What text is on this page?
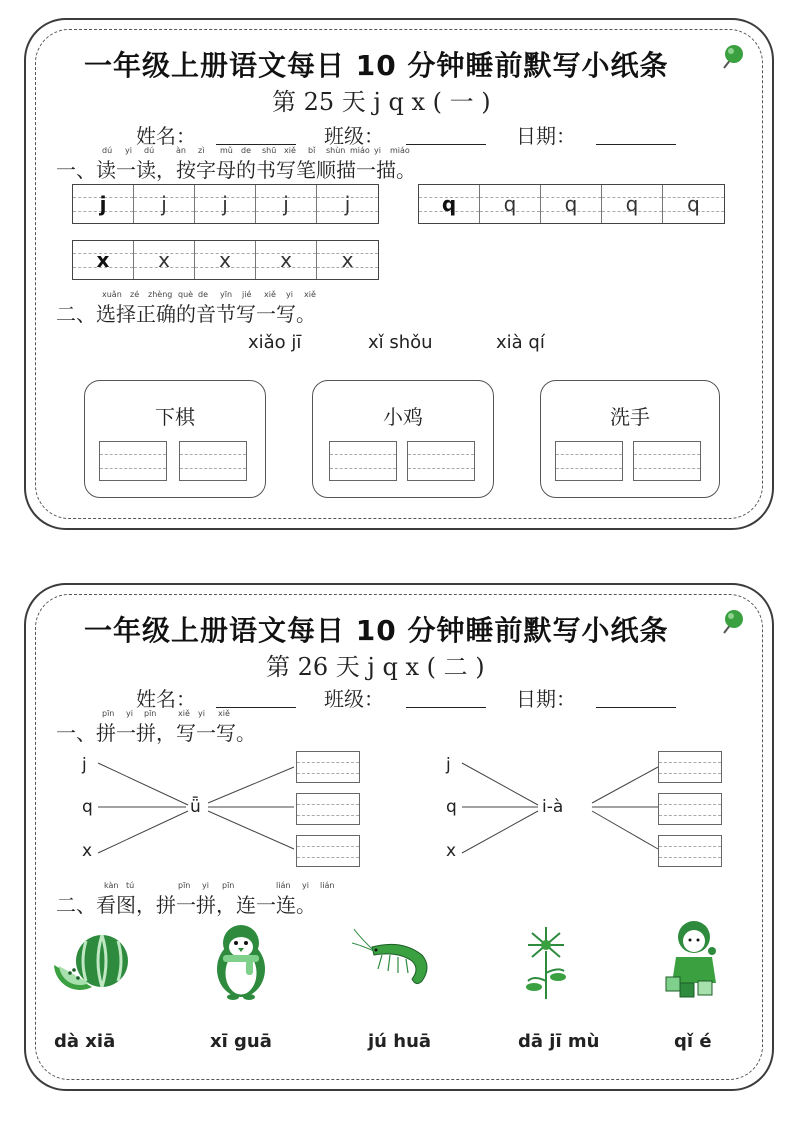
一年级上册语文每日 10 分钟睡前默写小纸条
第 25 天 j q x ( 一 )
姓名：	班级：	日期：
dú yi dú	àn zì mǔ de shū xiě bǐ shùn miáo yi miáo
一、读一读，按字母的书写笔顺描一描。
j	j	j	j	j	q q q q q
x x x x x
xuǎn zé zhèng què de yīn jié xiě yi xiě
二、选择正确的音节写一写。
xiǎo jī	xǐ shǒu	xià qí
下棋	小鸡	洗手
一年级上册语文每日 10 分钟睡前默写小纸条
第 26 天 j q x ( 二 )
姓名：	班级：	日期：
pīn yi pīn	xiě yi xiě
一、拼一拼，写一写。
j
q
x
ǖ
j
q
x
i-à
kàn tú	pīn yi pīn	lián yi lián
二、看图，拼一拼，连一连。
dà xiā	xī guā	jú huā	dā jī mù	qǐ é
